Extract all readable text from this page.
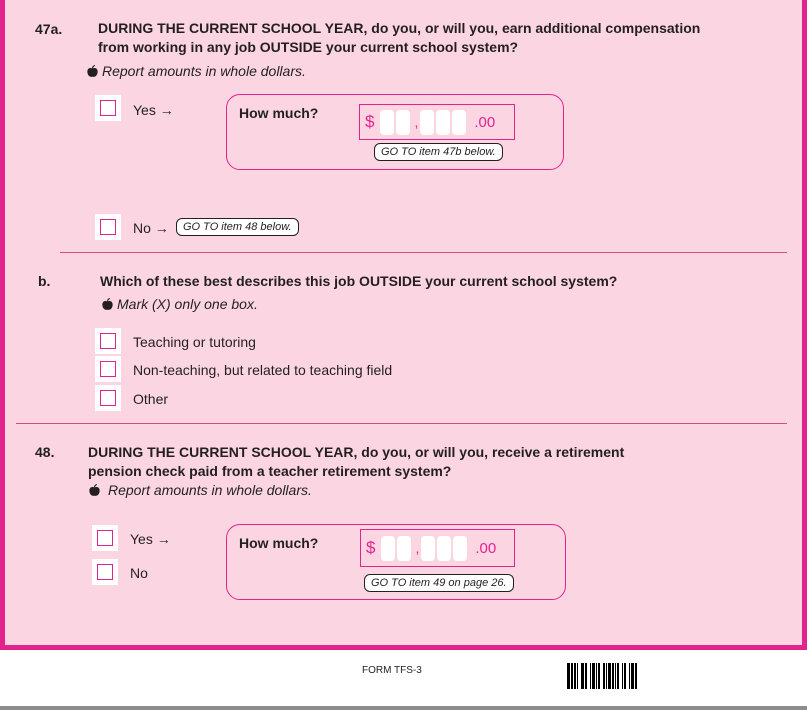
47a.	DURING THE CURRENT SCHOOL YEAR, do you, or will you, earn additional compensation
from working in any job OUTSIDE your current school system?
Report amounts in whole dollars.
Yes →	How much?	$	,	.00
GO TO item 47b below.
No →	GO TO item 48 below.
b.	Which of these best describes this job OUTSIDE your current school system?
Mark (X) only one box.
Teaching or tutoring
Non-teaching, but related to teaching field
Other
48. DURING THE CURRENT SCHOOL YEAR, do you, or will you, receive a retirement
pension check paid from a teacher retirement system?
Report amounts in whole dollars.
Yes →
No
How much?	$	,	.00
GO TO item 49 on page 26.
FORM TFS-3
